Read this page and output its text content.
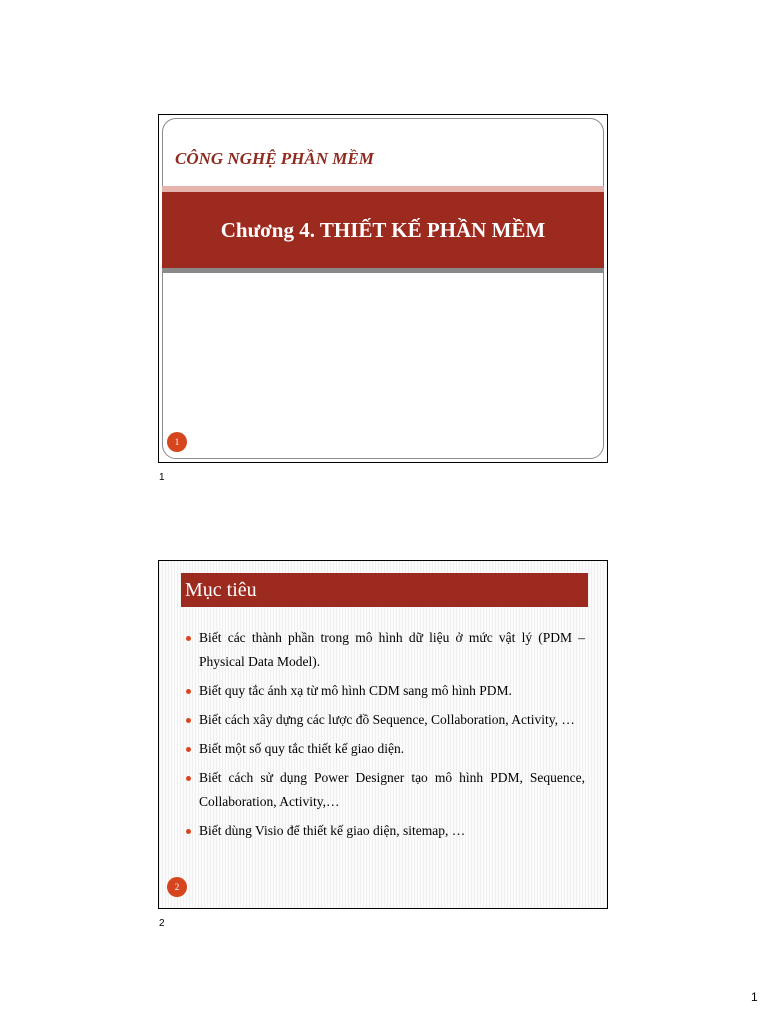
CÔNG NGHỆ PHẦN MỀM
Chương 4. THIẾT KẾ PHẦN MỀM
1
1
Mục tiêu
Biết các thành phần trong mô hình dữ liệu ở mức vật lý (PDM – Physical Data Model).
Biết quy tắc ánh xạ từ mô hình CDM sang mô hình PDM.
Biết cách xây dựng các lược đồ Sequence, Collaboration, Activity, …
Biết một số quy tắc thiết kế giao diện.
Biết cách sử dụng Power Designer tạo mô hình PDM, Sequence, Collaboration, Activity,…
Biết dùng Visio để thiết kế giao diện, sitemap, …
2
2
1
